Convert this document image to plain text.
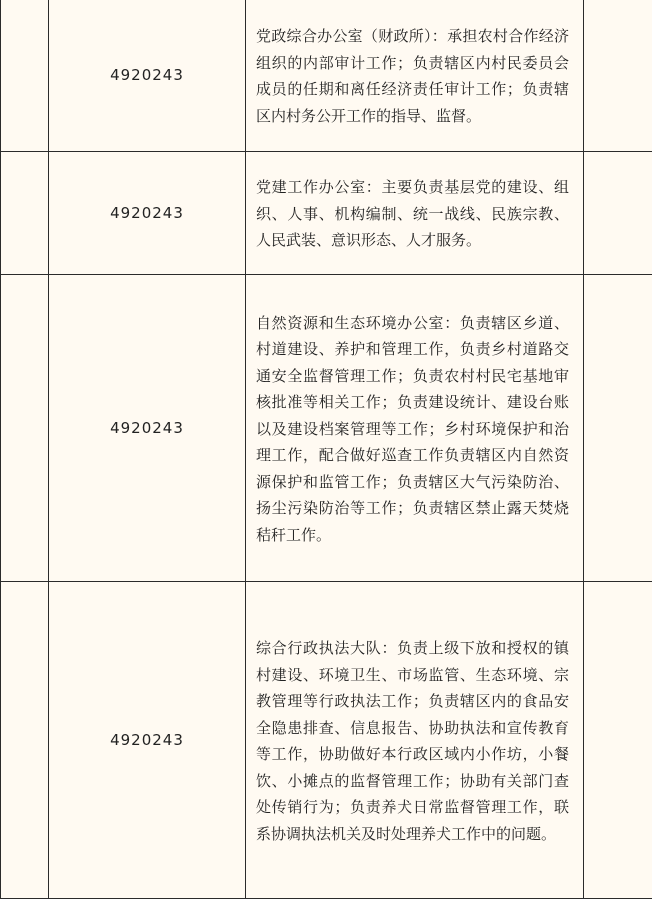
	4920243	党政综合办公室（财政所）：承担农村合作经济组织的内部审计工作；负责辖区内村民委员会成员的任期和离任经济责任审计工作；负责辖区内村务公开工作的指导、监督。	
	4920243	党建工作办公室：主要负责基层党的建设、组织、人事、机构编制、统一战线、民族宗教、人民武装、意识形态、人才服务。	
	4920243	自然资源和生态环境办公室：负责辖区乡道、村道建设、养护和管理工作，负责乡村道路交通安全监督管理工作；负责农村村民宅基地审核批准等相关工作；负责建设统计、建设台账以及建设档案管理等工作；乡村环境保护和治理工作，配合做好巡查工作负责辖区内自然资源保护和监管工作；负责辖区大气污染防治、扬尘污染防治等工作；负责辖区禁止露天焚烧秸秆工作。	
	4920243	综合行政执法大队：负责上级下放和授权的镇村建设、环境卫生、市场监管、生态环境、宗教管理等行政执法工作；负责辖区内的食品安全隐患排查、信息报告、协助执法和宣传教育等工作，协助做好本行政区域内小作坊，小餐饮、小摊点的监督管理工作；协助有关部门查处传销行为；负责养犬日常监督管理工作，联系协调执法机关及时处理养犬工作中的问题。	
